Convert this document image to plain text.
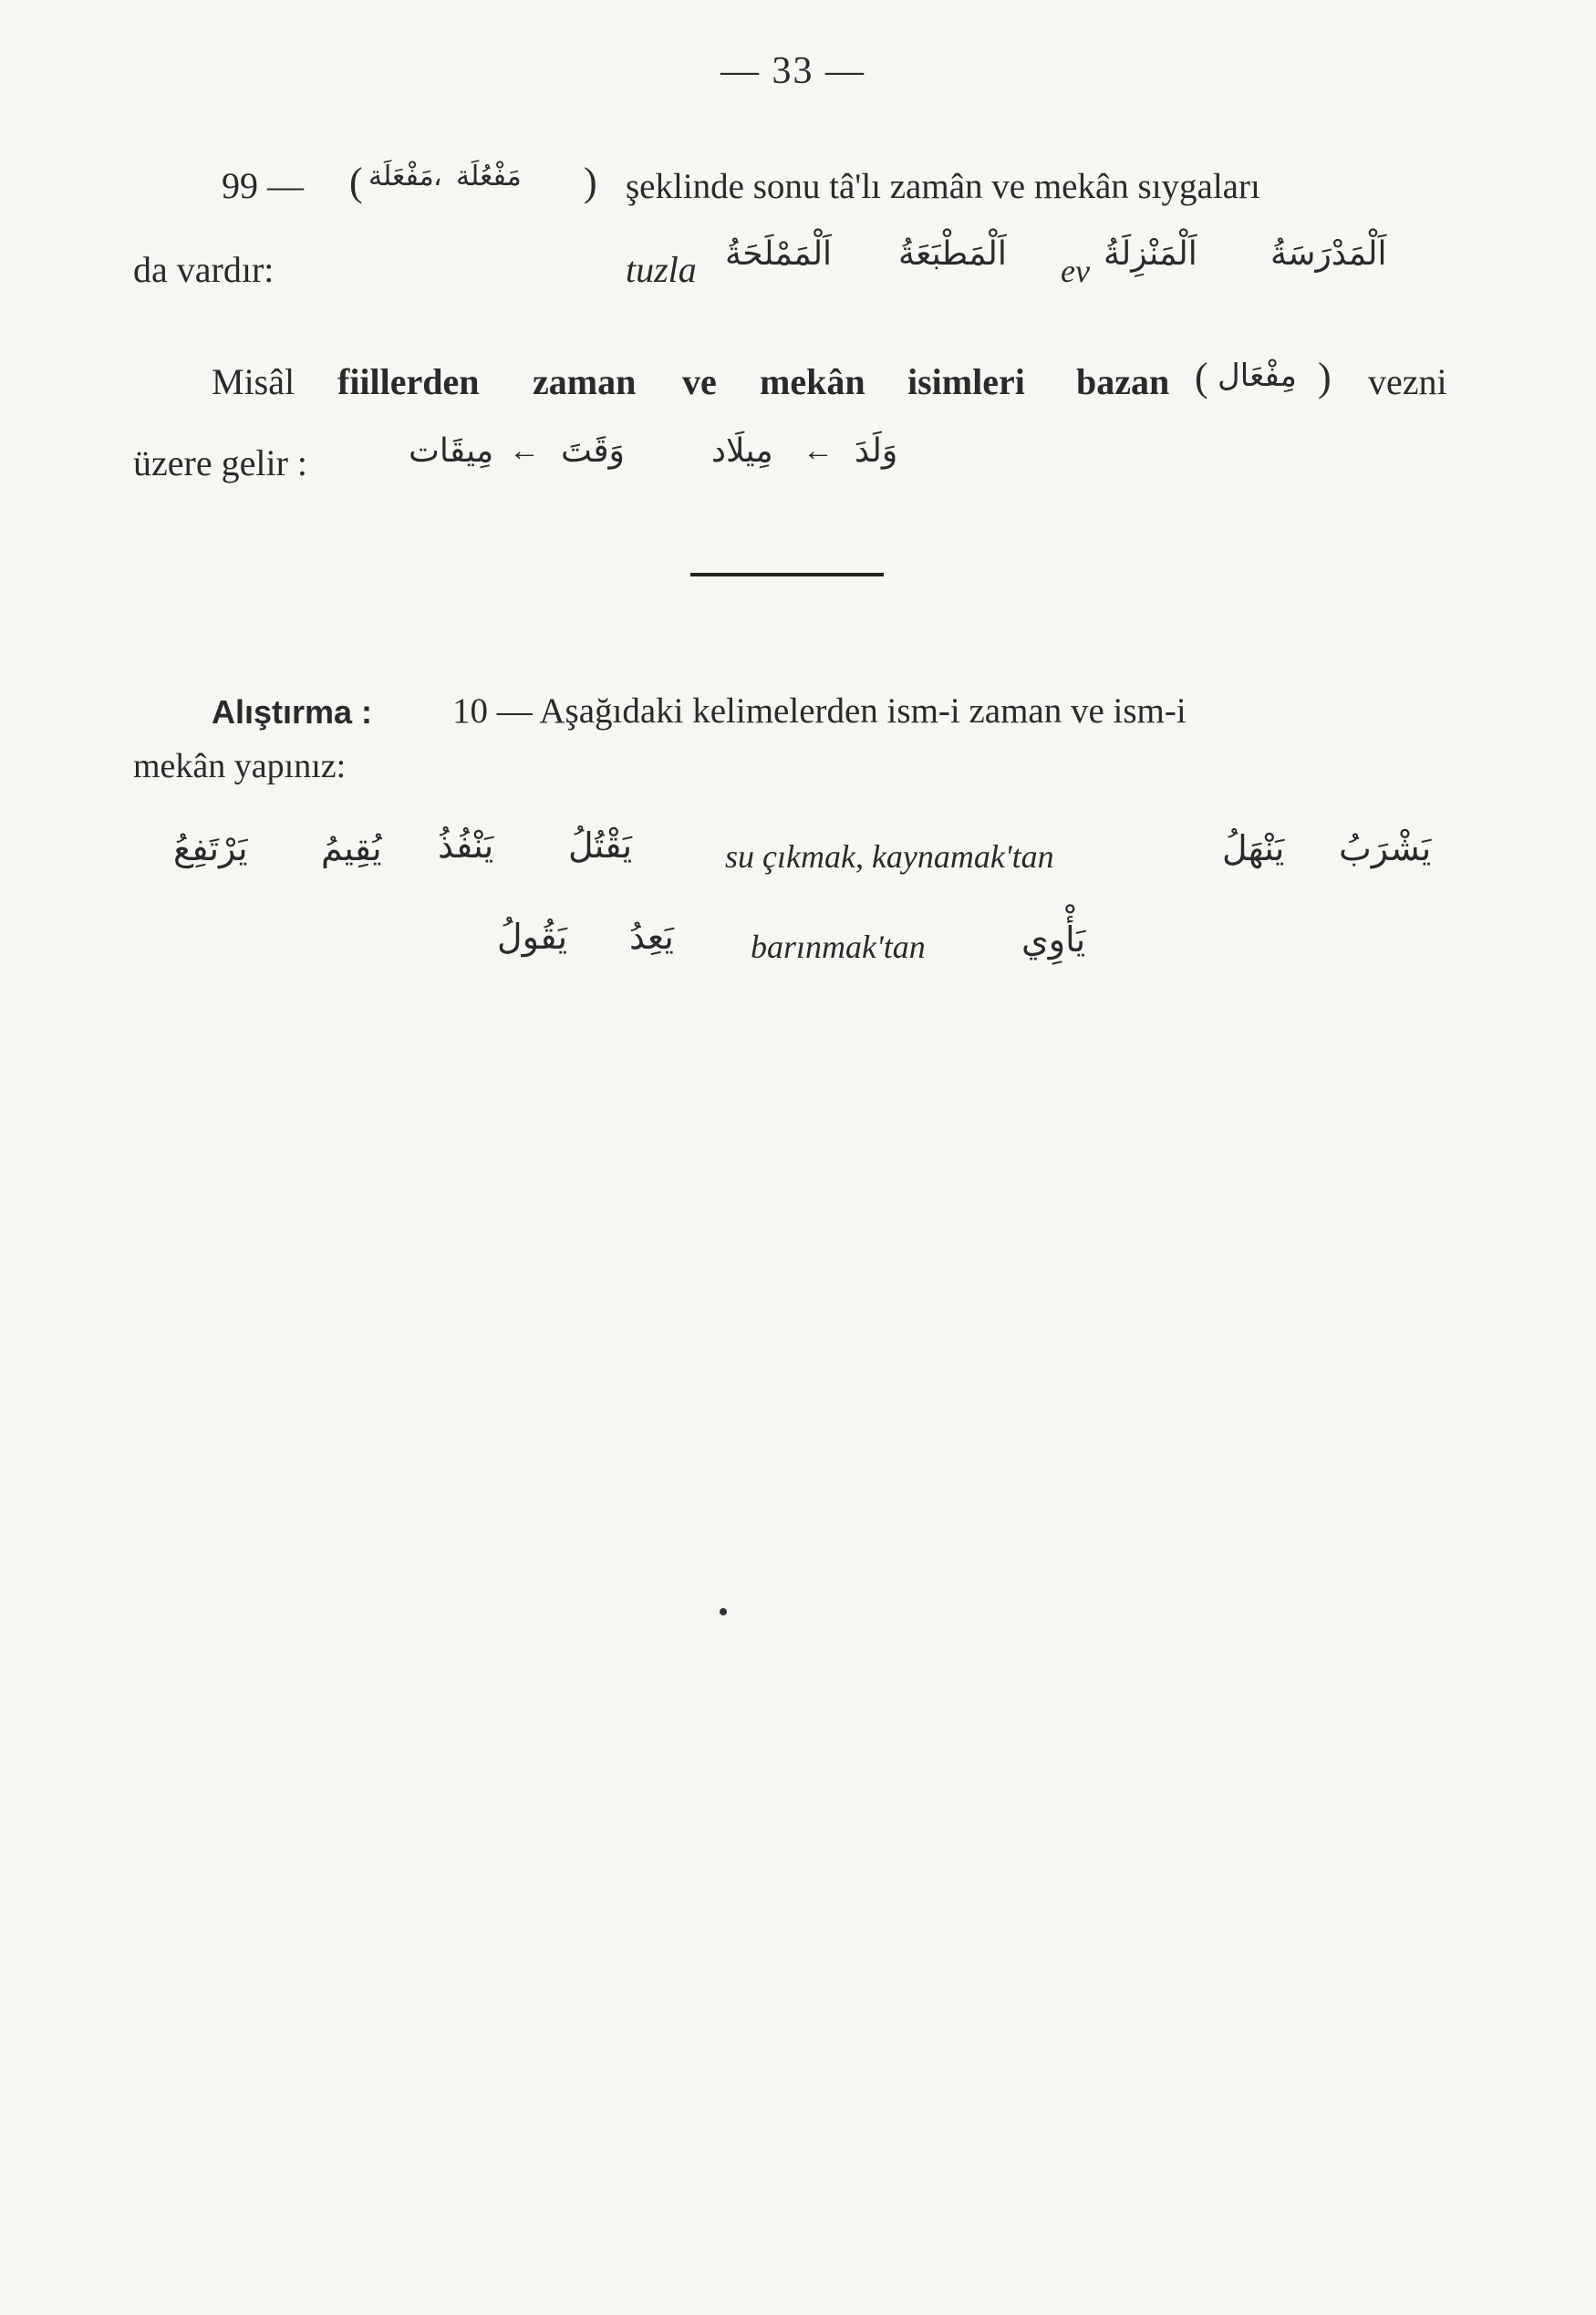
— 33 —
99 — ( مَفْعَلَة ، مَفْعُلَة ) şeklinde sonu tâ'lı zamân ve mekân sıygaları
da vardır:	tuzla اَلْمَمْلَحَةُ اَلْمَطْبَعَةُ ev اَلْمَنْزِلَةُ اَلْمَدْرَسَةُ
Misâl fiillerden zaman ve mekân isimleri bazan ( مِفْعَال ) vezni
üzere gelir :	مِيقَات ← وَقَتَ	مِيلَاد ← وَلَدَ
Alıştırma : 10 — Aşağıdaki kelimelerden ism-i zaman ve ism-i
mekân yapınız:
يَرْتَفِعُ يُقِيمُ يَنْفُذُ يَقْتُلُ	su çıkmak, kaynamak'tan	يَنْهَلُ يَشْرَبُ
يَقُولُ يَعِدُ barınmak'tan	يَأْوِي
